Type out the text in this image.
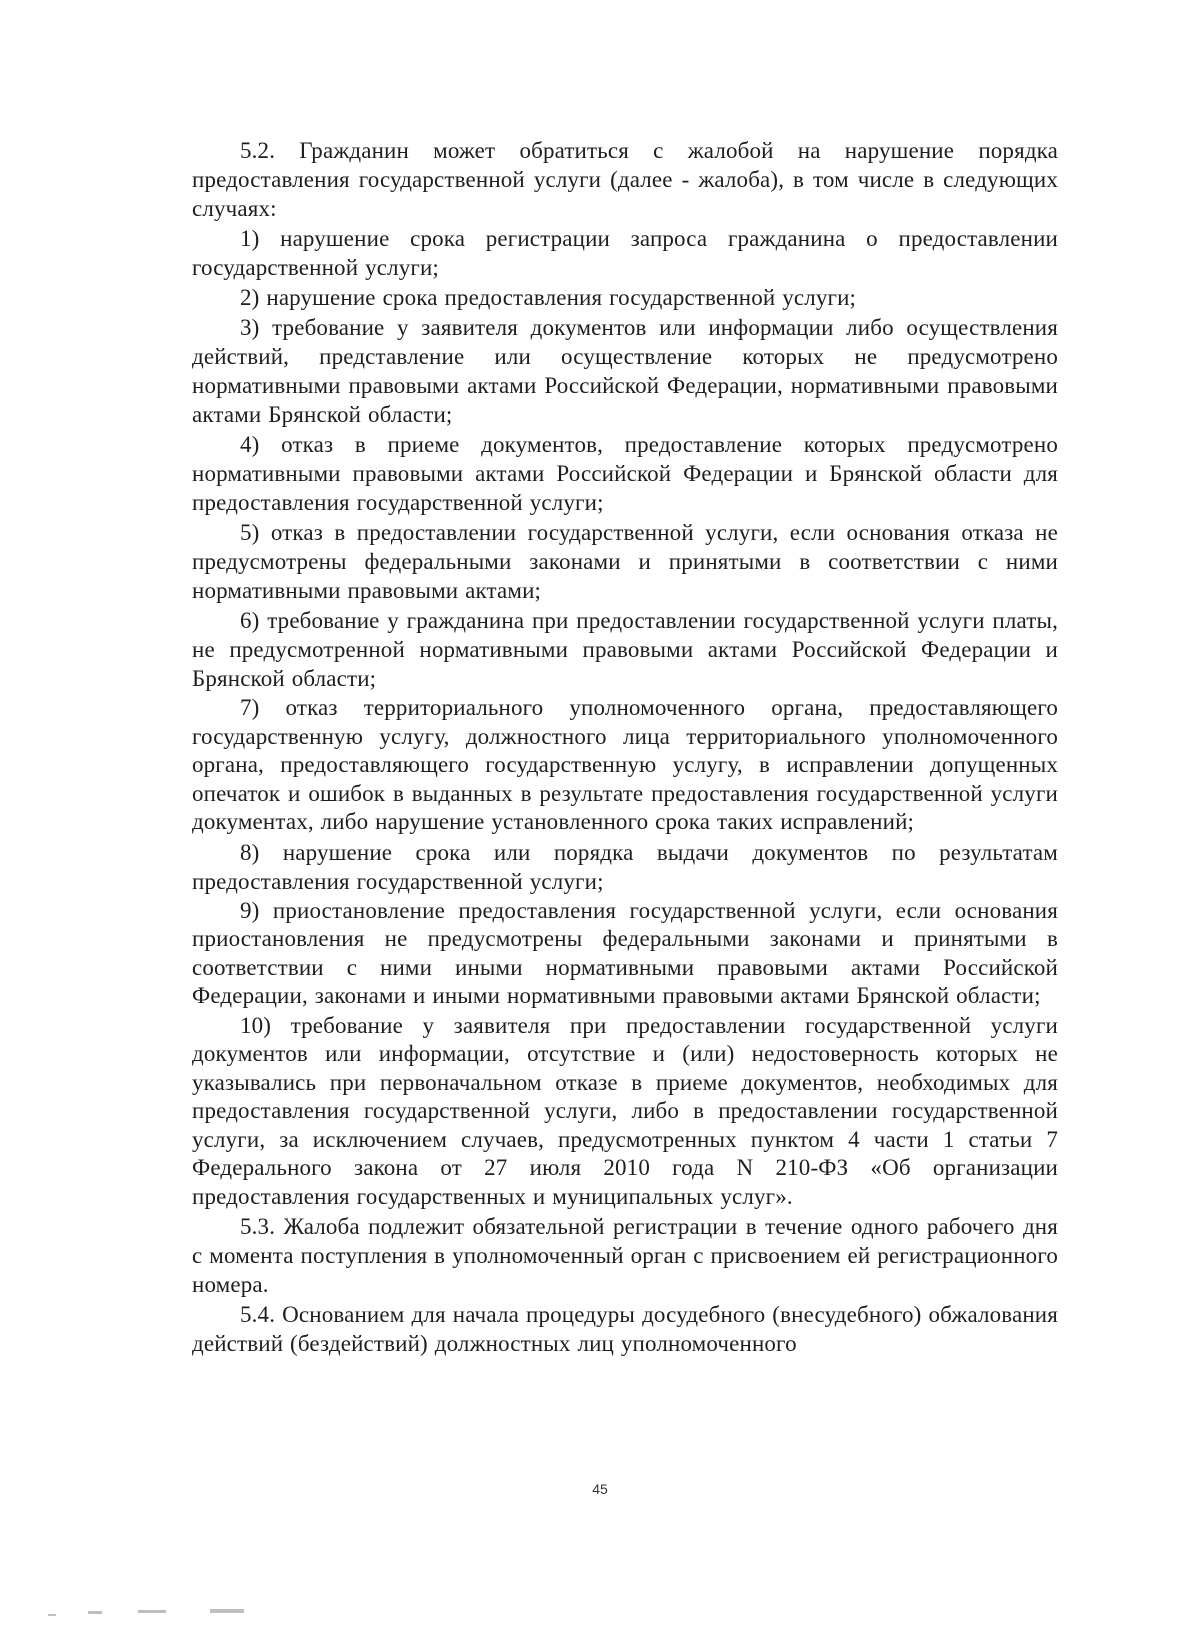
5.2. Гражданин может обратиться с жалобой на нарушение порядка предоставления государственной услуги (далее - жалоба), в том числе в следующих случаях:

1) нарушение срока регистрации запроса гражданина о предоставлении государственной услуги;

2) нарушение срока предоставления государственной услуги;

3) требование у заявителя документов или информации либо осуществления действий, представление или осуществление которых не предусмотрено нормативными правовыми актами Российской Федерации, нормативными правовыми актами Брянской области;

4) отказ в приеме документов, предоставление которых предусмотрено нормативными правовыми актами Российской Федерации и Брянской области для предоставления государственной услуги;

5) отказ в предоставлении государственной услуги, если основания отказа не предусмотрены федеральными законами и принятыми в соответствии с ними нормативными правовыми актами;

6) требование у гражданина при предоставлении государственной услуги платы, не предусмотренной нормативными правовыми актами Российской Федерации и Брянской области;

7) отказ территориального уполномоченного органа, предоставляющего государственную услугу, должностного лица территориального уполномоченного органа, предоставляющего государственную услугу, в исправлении допущенных опечаток и ошибок в выданных в результате предоставления государственной услуги документах, либо нарушение установленного срока таких исправлений;

8) нарушение срока или порядка выдачи документов по результатам предоставления государственной услуги;

9) приостановление предоставления государственной услуги, если основания приостановления не предусмотрены федеральными законами и принятыми в соответствии с ними иными нормативными правовыми актами Российской Федерации, законами и иными нормативными правовыми актами Брянской области;

10) требование у заявителя при предоставлении государственной услуги документов или информации, отсутствие и (или) недостоверность которых не указывались при первоначальном отказе в приеме документов, необходимых для предоставления государственной услуги, либо в предоставлении государственной услуги, за исключением случаев, предусмотренных пунктом 4 части 1 статьи 7 Федерального закона от 27 июля 2010 года N 210-ФЗ «Об организации предоставления государственных и муниципальных услуг».

5.3. Жалоба подлежит обязательной регистрации в течение одного рабочего дня с момента поступления в уполномоченный орган с присвоением ей регистрационного номера.

5.4. Основанием для начала процедуры досудебного (внесудебного) обжалования действий (бездействий) должностных лиц уполномоченного

45
